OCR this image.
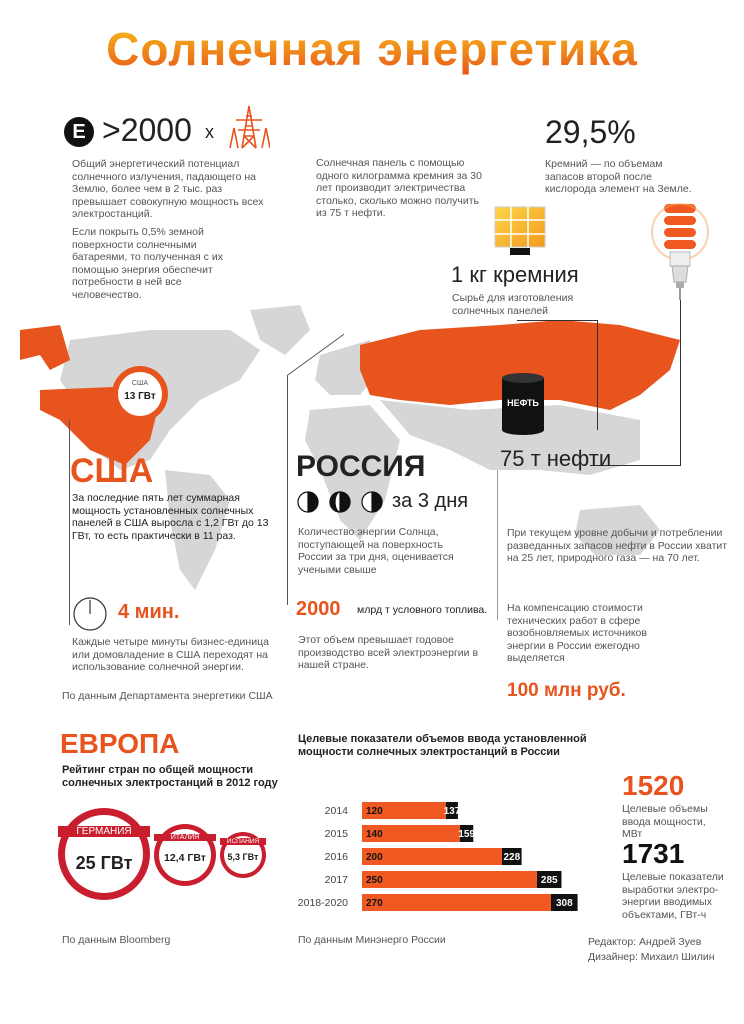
Солнечная энергетика
E >2000 x
Общий энергетический потенциал солнечного излучения, падающего на Землю, более чем в 2 тыс. раз превышает совокупную мощность всех электростанций.
Если покрыть 0,5% земной поверхности солнечными батареями, то полученная с их помощью энергия обеспечит потребности в ней все человечество.
Солнечная панель с помощью одного килограмма кремния за 30 лет производит электричества столько, сколько можно получить из 75 т нефти.
29,5%
Кремний — по объемам запасов второй после кислорода элемент на Земле.
1 кг кремния
Сырьё для изготовления солнечных панелей
НЕФТЬ
75 т нефти
При текущем уровне добычи и потреблении разведанных запасов нефти в России хватит на 25 лет, природного газа — на 70 лет.
США
13 ГВт
США
За последние пять лет суммарная мощность установленных солнечных панелей в США выросла с 1,2 ГВт до 13 ГВт, то есть практически в 11 раз.
4 мин.
Каждые четыре минуты бизнес-единица или домовладение в США переходят на использование солнечной энергии.
По данным Департамента энергетики США
РОССИЯ
за 3 дня
Количество энергии Солнца, поступающей на поверхность России за три дня, оценивается учеными свыше
2000 млрд т условного топлива.
Этот объем превышает годовое производство всей электроэнергии в нашей стране.
На компенсацию стоимости технических работ в сфере возобновляемых источников энергии в России ежегодно выделяется
100 млн руб.
ЕВРОПА
Рейтинг стран по общей мощности солнечных электростанций в 2012 году
ГЕРМАНИЯ
25 ГВт
ИТАЛИЯ
12,4 ГВт
ИСПАНИЯ
5,3 ГВт
По данным Bloomberg
Целевые показатели объемов ввода установленной мощности солнечных электростанций в России
2014 120	137
2015 140	159
2016 200	228
2017 250	285
2018-2020 270	308
По данным Минэнерго России
1520
Целевые объемы ввода мощности, МВт
1731
Целевые показатели выработки электро-энергии вводимых объектами, ГВт-ч
Редактор: Андрей Зуев
Дизайнер: Михаил Шилин
